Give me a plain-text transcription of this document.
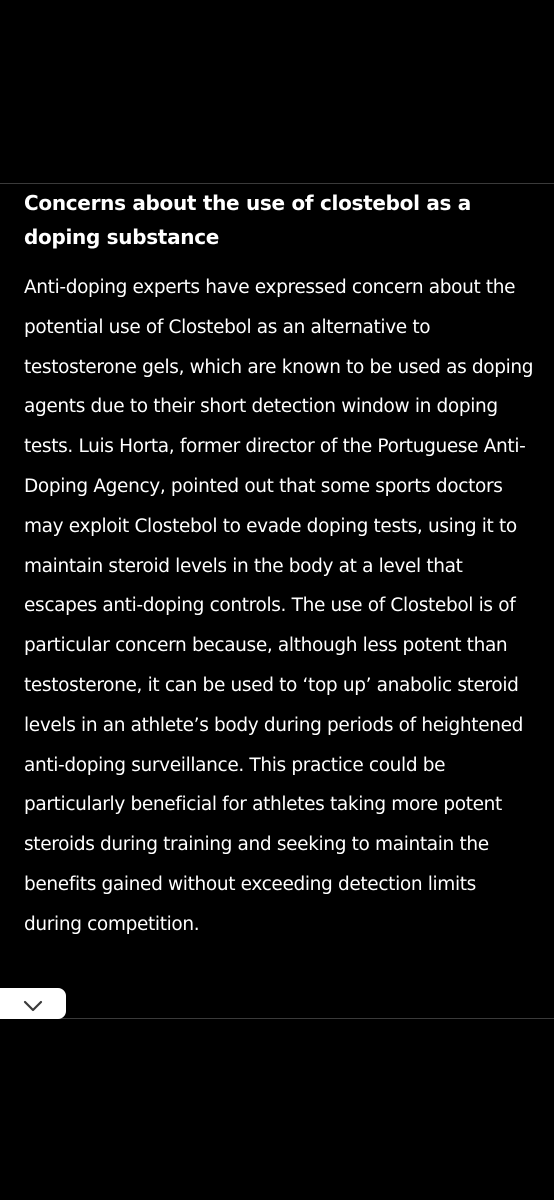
Concerns about the use of clostebol as a doping substance

Anti-doping experts have expressed concern about the potential use of Clostebol as an alternative to testosterone gels, which are known to be used as doping agents due to their short detection window in doping tests. Luis Horta, former director of the Portuguese Anti-Doping Agency, pointed out that some sports doctors may exploit Clostebol to evade doping tests, using it to maintain steroid levels in the body at a level that escapes anti-doping controls. The use of Clostebol is of particular concern because, although less potent than testosterone, it can be used to ‘top up’ anabolic steroid levels in an athlete’s body during periods of heightened anti-doping surveillance. This practice could be particularly beneficial for athletes taking more potent steroids during training and seeking to maintain the benefits gained without exceeding detection limits during competition.
